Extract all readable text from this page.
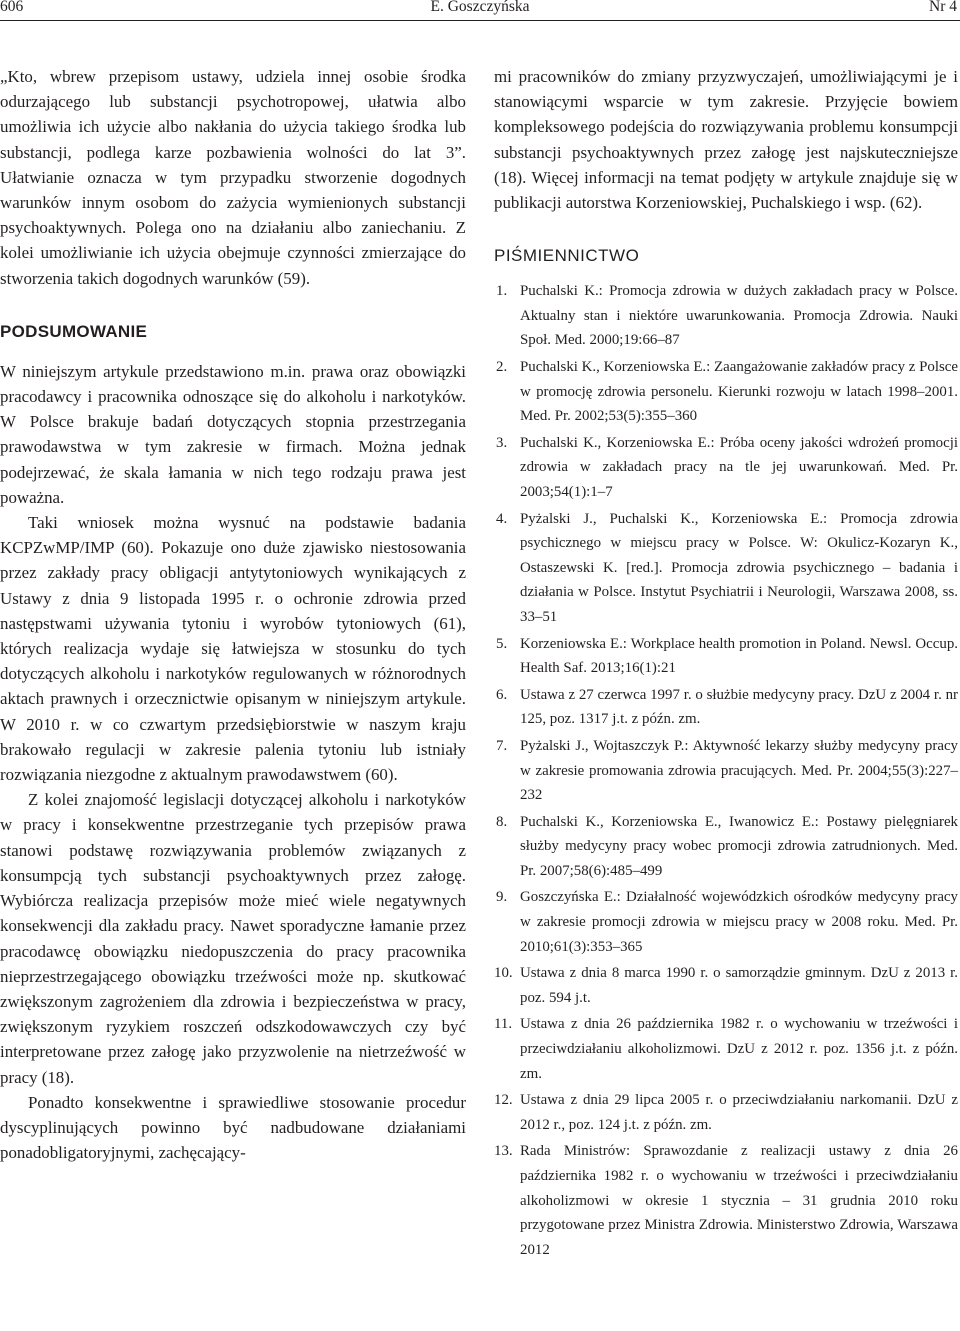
606	E. Goszczyńska	Nr 4

„Kto, wbrew przepisom ustawy, udziela innej osobie środka odurzającego lub substancji psychotropowej, ułatwia albo umożliwia ich użycie albo nakłania do użycia takiego środka lub substancji, podlega karze pozbawienia wolności do lat 3”. Ułatwianie oznacza w tym przypadku stworzenie dogodnych warunków innym osobom do zażycia wymienionych substancji psychoaktywnych. Polega ono na działaniu albo zaniechaniu. Z kolei umożliwianie ich użycia obejmuje czynności zmierzające do stworzenia takich dogodnych warunków (59).

PODSUMOWANIE

W niniejszym artykule przedstawiono m.in. prawa oraz obowiązki pracodawcy i pracownika odnoszące się do alkoholu i narkotyków. W Polsce brakuje badań dotyczących stopnia przestrzegania prawodawstwa w tym zakresie w firmach. Można jednak podejrzewać, że skala łamania w nich tego rodzaju prawa jest poważna.

Taki wniosek można wysnuć na podstawie badania KCPZwMP/IMP (60). Pokazuje ono duże zjawisko niestosowania przez zakłady pracy obligacji antytytoniowych wynikających z Ustawy z dnia 9 listopada 1995 r. o ochronie zdrowia przed następstwami używania tytoniu i wyrobów tytoniowych (61), których realizacja wydaje się łatwiejsza w stosunku do tych dotyczących alkoholu i narkotyków regulowanych w różnorodnych aktach prawnych i orzecznictwie opisanym w niniejszym artykule. W 2010 r. w co czwartym przedsiębiorstwie w naszym kraju brakowało regulacji w zakresie palenia tytoniu lub istniały rozwiązania niezgodne z aktualnym prawodawstwem (60).

Z kolei znajomość legislacji dotyczącej alkoholu i narkotyków w pracy i konsekwentne przestrzeganie tych przepisów prawa stanowi podstawę rozwiązywania problemów związanych z konsumpcją tych substancji psychoaktywnych przez załogę. Wybiórcza realizacja przepisów może mieć wiele negatywnych konsekwencji dla zakładu pracy. Nawet sporadyczne łamanie przez pracodawcę obowiązku niedopuszczenia do pracy pracownika nieprzestrzegającego obowiązku trzeźwości może np. skutkować zwiększonym zagrożeniem dla zdrowia i bezpieczeństwa w pracy, zwiększonym ryzykiem roszczeń odszkodowawczych czy być interpretowane przez załogę jako przyzwolenie na nietrzeźwość w pracy (18).

Ponadto konsekwentne i sprawiedliwe stosowanie procedur dyscyplinujących powinno być nadbudowane działaniami ponadobligatoryjnymi, zachęcający-

mi pracowników do zmiany przyzwyczajeń, umożliwiającymi je i stanowiącymi wsparcie w tym zakresie. Przyjęcie bowiem kompleksowego podejścia do rozwiązywania problemu konsumpcji substancji psychoaktywnych przez załogę jest najskuteczniejsze (18). Więcej informacji na temat podjęty w artykule znajduje się w publikacji autorstwa Korzeniowskiej, Puchalskiego i wsp. (62).

PIŚMIENNICTWO
1. Puchalski K.: Promocja zdrowia w dużych zakładach pracy w Polsce. Aktualny stan i niektóre uwarunkowania. Promocja Zdrowia. Nauki Społ. Med. 2000;19:66–87
2. Puchalski K., Korzeniowska E.: Zaangażowanie zakładów pracy z Polsce w promocję zdrowia personelu. Kierunki rozwoju w latach 1998–2001. Med. Pr. 2002;53(5):355–360
3. Puchalski K., Korzeniowska E.: Próba oceny jakości wdrożeń promocji zdrowia w zakładach pracy na tle jej uwarunkowań. Med. Pr. 2003;54(1):1–7
4. Pyżalski J., Puchalski K., Korzeniowska E.: Promocja zdrowia psychicznego w miejscu pracy w Polsce. W: Okulicz-Kozaryn K., Ostaszewski K. [red.]. Promocja zdrowia psychicznego – badania i działania w Polsce. Instytut Psychiatrii i Neurologii, Warszawa 2008, ss. 33–51
5. Korzeniowska E.: Workplace health promotion in Poland. Newsl. Occup. Health Saf. 2013;16(1):21
6. Ustawa z 27 czerwca 1997 r. o służbie medycyny pracy. DzU z 2004 r. nr 125, poz. 1317 j.t. z późn. zm.
7. Pyżalski J., Wojtaszczyk P.: Aktywność lekarzy służby medycyny pracy w zakresie promowania zdrowia pracujących. Med. Pr. 2004;55(3):227–232
8. Puchalski K., Korzeniowska E., Iwanowicz E.: Postawy pielęgniarek służby medycyny pracy wobec promocji zdrowia zatrudnionych. Med. Pr. 2007;58(6):485–499
9. Goszczyńska E.: Działalność wojewódzkich ośrodków medycyny pracy w zakresie promocji zdrowia w miejscu pracy w 2008 roku. Med. Pr. 2010;61(3):353–365
10. Ustawa z dnia 8 marca 1990 r. o samorządzie gminnym. DzU z 2013 r. poz. 594 j.t.
11. Ustawa z dnia 26 października 1982 r. o wychowaniu w trzeźwości i przeciwdziałaniu alkoholizmowi. DzU z 2012 r. poz. 1356 j.t. z późn. zm.
12. Ustawa z dnia 29 lipca 2005 r. o przeciwdziałaniu narkomanii. DzU z 2012 r., poz. 124 j.t. z późn. zm.
13. Rada Ministrów: Sprawozdanie z realizacji ustawy z dnia 26 października 1982 r. o wychowaniu w trzeźwości i przeciwdziałaniu alkoholizmowi w okresie 1 stycznia – 31 grudnia 2010 roku przygotowane przez Ministra Zdrowia. Ministerstwo Zdrowia, Warszawa 2012
